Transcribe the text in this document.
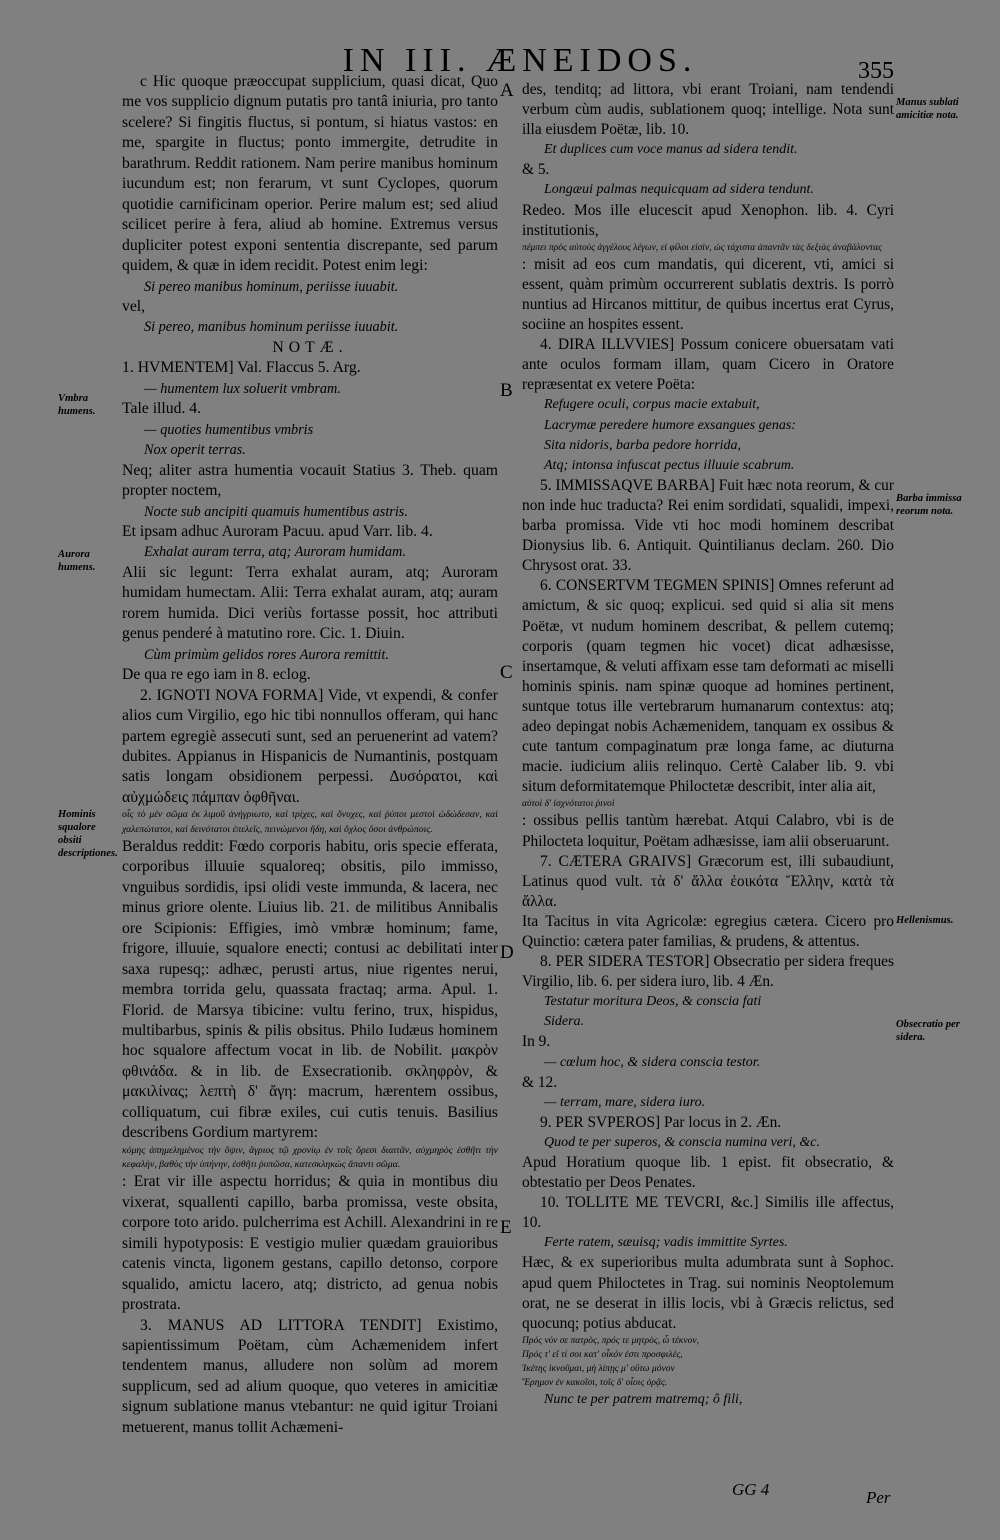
IN III. ÆNEIDOS.	355
A
B
C
D
E
Manus sublati amicitiæ nota.
Vmbra humens.
Aurora humens.
Barba immissa reorum nota.
Hominis squalore obsiti descriptiones.
Hellenismus.
Obsecratio per sidera.

c Hic quoque præoccupat supplicium, quasi dicat, Quo me vos supplicio dignum putatis pro tantâ iniuria, pro tanto scelere? Si fingitis fluctus, si pontum, si hiatus vastos: en me, spargite in fluctus; ponto immergite, detrudite in barathrum. Reddit rationem. Nam perire manibus hominum iucundum est; non ferarum, vt sunt Cyclopes, quorum quotidie carnificinam operior. Perire malum est; sed aliud scilicet perire à fera, aliud ab homine. Extremus versus dupliciter potest exponi sententia discrepante, sed parum quidem, & quæ in idem recidit. Potest enim legi:

Si pereo manibus hominum, periisse iuuabit.

vel,

Si pereo, manibus hominum periisse iuuabit.

NOTÆ.

1. HVMENTEM] Val. Flaccus 5. Arg.

— humentem lux soluerit vmbram.

Tale illud. 4.

— quoties humentibus vmbris

Nox operit terras.

Neq; aliter astra humentia vocauit Statius 3. Theb. quam propter noctem,

Nocte sub ancipiti quamuis humentibus astris.

Et ipsam adhuc Auroram Pacuu. apud Varr. lib. 4.

Exhalat auram terra, atq; Auroram humidam.

Alii sic legunt: Terra exhalat auram, atq; Auroram humidam humectam. Alii: Terra exhalat auram, atq; auram rorem humida. Dici veriùs fortasse possit, hoc attributi genus penderé à matutino rore. Cic. 1. Diuin.

Cùm primùm gelidos rores Aurora remittit.

De qua re ego iam in 8. eclog.

2. IGNOTI NOVA FORMA] Vide, vt expendi, & confer alios cum Virgilio, ego hic tibi nonnullos offeram, qui hanc partem egregiè assecuti sunt, sed an peruenerint ad vatem? dubites. Appianus in Hispanicis de Numantinis, postquam satis longam obsidionem perpessi. Δυσόρατοι, καὶ αὐχμώδεις πάμπαν ὀφθῆναι.

οἷς τὸ μὲν σῶμα ἐκ λιμοῦ ἀνήγριωτο, καὶ τρίχες, καὶ ὄνυχες, καὶ ῥύποι μεστοὶ ὠδώδεσαν, καὶ χαλεπώτατοι, καὶ δεινότατοι ἐπελεῖς, πεινώμενοι ἤδη, καὶ ὄχλος ὅσοι ἀνθρώποις.

Beraldus reddit: Fœdo corporis habitu, oris specie efferata, corporibus illuuie squaloreq; obsitis, pilo immisso, vnguibus sordidis, ipsi olidi veste immunda, & lacera, nec minus griore olente. Liuius lib. 21. de militibus Annibalis ore Scipionis: Effigies, imò vmbræ hominum; fame, frigore, illuuie, squalore enecti; contusi ac debilitati inter saxa rupesq;: adhæc, perusti artus, niue rigentes nerui, membra torrida gelu, quassata fractaq; arma. Apul. 1. Florid. de Marsya tibicine: vultu ferino, trux, hispidus, multibarbus, spinis & pilis obsitus. Philo Iudæus hominem hoc squalore affectum vocat in lib. de Nobilit. μακρὸν φθινάδα. & in lib. de Exsecrationib. σκληφρὸν, & μακιλίνας; λεπτὴ δ' ἄγη: macrum, hærentem ossibus, colliquatum, cui fibræ exiles, cui cutis tenuis. Basilius describens Gordium martyrem:

κόμης ἀπημελημένος τὴν ὄψιν, ἄγριος τῷ χρονίῳ ἐν τοῖς ὄρεσι διαιτᾶν, αὐχμηρὸς ἐσθῆτι τὴν κεφαλὴν, βαθὺς τὴν ὑπήνην, ἐσθῆτι ῥυπῶσα, κατεσκληκὼς ἅπαντι σῶμα.

: Erat vir ille aspectu horridus; & quia in montibus diu vixerat, squallenti capillo, barba promissa, veste obsita, corpore toto arido. pulcherrima est Achill. Alexandrini in re simili hypotyposis: E vestigio mulier quædam grauioribus catenis vincta, ligonem gestans, capillo detonso, corpore squalido, amictu lacero, atq; districto, ad genua nobis prostrata.

3. MANUS AD LITTORA TENDIT] Existimo, sapientissimum Poëtam, cùm Achæmenidem infert tendentem manus, alludere non solùm ad morem supplicum, sed ad alium quoque, quo veteres in amicitiæ signum sublatione manus vtebantur: ne quid igitur Troiani metuerent, manus tollit Achæmeni-

des, tenditq; ad littora, vbi erant Troiani, nam tendendi verbum cùm audis, sublationem quoq; intellige. Nota sunt illa eiusdem Poëtæ, lib. 10.

Et duplices cum voce manus ad sidera tendit.

& 5.

Longæui palmas nequicquam ad sidera tendunt.

Redeo. Mos ille elucescit apud Xenophon. lib. 4. Cyri institutionis,

πέμπει πρὸς αὐτοὺς ἀγγέλους λέγων, εἰ φίλοι εἰσὶν, ὡς τάχιστα ἀπαντᾶν τὰς δεξιὰς ἀναβάλοντας

: misit ad eos cum mandatis, qui dicerent, vti, amici si essent, quàm primùm occurrerent sublatis dextris. Is porrò nuntius ad Hircanos mittitur, de quibus incertus erat Cyrus, sociine an hospites essent.

4. DIRA ILLVVIES] Possum conicere obuersatam vati ante oculos formam illam, quam Cicero in Oratore repræsentat ex vetere Poëta:

Refugere oculi, corpus macie extabuit,

Lacrymæ peredere humore exsangues genas:

Sita nidoris, barba pedore horrida,

Atq; intonsa infuscat pectus illuuie scabrum.

5. IMMISSAQVE BARBA] Fuit hæc nota reorum, & cur non inde huc traducta? Rei enim sordidati, squalidi, impexi, barba promissa. Vide vti hoc modi hominem describat Dionysius lib. 6. Antiquit. Quintilianus declam. 260. Dio Chrysost orat. 33.

6. CONSERTVM TEGMEN SPINIS] Omnes referunt ad amictum, & sic quoq; explicui. sed quid si alia sit mens Poëtæ, vt nudum hominem describat, & pellem cutemq; corporis (quam tegmen hic vocet) dicat adhæsisse, insertamque, & veluti affixam esse tam deformati ac miselli hominis spinis. nam spinæ quoque ad homines pertinent, suntque totus ille vertebrarum humanarum contextus: atq; adeo depingat nobis Achæmenidem, tanquam ex ossibus & cute tantum compaginatum præ longa fame, ac diuturna macie. iudicium aliis relinquo. Certè Calaber lib. 9. vbi situm deformitatemque Philoctetæ describit, inter alia ait,

αὐτοὶ δ' ἰσχνότατοι ῥινοὶ

: ossibus pellis tantùm hærebat. Atqui Calabro, vbi is de Philocteta loquitur, Poëtam adhæsisse, iam alii obseruarunt.

7. CÆTERA GRAIVS] Græcorum est, illi subaudiunt, Latinus quod vult. τὰ δ' ἄλλα ἐοικότα Ἕλλην, κατὰ τὰ ἄλλα.

Ita Tacitus in vita Agricolæ: egregius cætera. Cicero pro Quinctio: cætera pater familias, & prudens, & attentus.

8. PER SIDERA TESTOR] Obsecratio per sidera freques Virgilio, lib. 6. per sidera iuro, lib. 4 Æn.

Testatur moritura Deos, & conscia fati

Sidera.

In 9.

— cœlum hoc, & sidera conscia testor.

& 12.

— terram, mare, sidera iuro.

9. PER SVPEROS] Par locus in 2. Æn.

Quod te per superos, & conscia numina veri, &c.

Apud Horatium quoque lib. 1 epist. fit obsecratio, & obtestatio per Deos Penates.

10. TOLLITE ME TEVCRI, &c.] Similis ille affectus, 10.

Ferte ratem, sæuisq; vadis immittite Syrtes.

Hæc, & ex superioribus multa adumbrata sunt à Sophoc. apud quem Philoctetes in Trag. sui nominis Neoptolemum orat, ne se deserat in illis locis, vbi à Græcis relictus, sed quocunq; potius abducat.

Πρός νύν σε πατρὸς, πρός τε μητρὸς, ὦ τέκνον,

Πρός τ' εἴ τί σοι κατ' οἶκόν ἐστι προσφιλὲς,

Ἱκέτης ἱκνοῦμαι, μὴ λίπῃς μ' οὕτω μόνον

Ἔρημον ἐν κακοῖσι, τοῖς δ' οἷοις ὁρᾷς.

Nunc te per patrem matremq; ô fili,

GG 4	Per
